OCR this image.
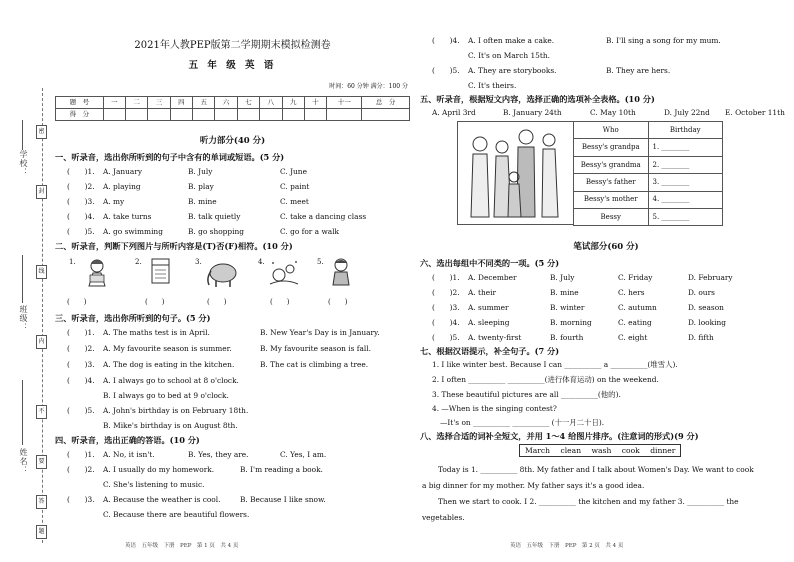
学校：
班级：
姓名：
密
封
线
内
不
要
答
题
2021年人教PEP版第二学期期末模拟检测卷
五 年 级 英 语
时间：60 分钟 满分：100 分
题　号	一	二	三	四	五	六	七	八	九	十	十一	总　分
得　分												
听力部分(40 分)
一、听录音，选出你所听到的句子中含有的单词或短语。(5 分)
(　　)1. A. January	B. July	C. June
(　　)2. A. playing	B. play	C. paint
(　　)3. A. my	B. mine	C. meet
(　　)4. A. take turns	B. talk quietly	C. take a dancing class
(　　)5. A. go swimming	B. go shopping	C. go for a walk
二、听录音，判断下列图片与所听内容是(T)否(F)相符。(10 分)
1.	2.	3.	4.	5.
(　　)	(　　)	(　　)	(　　)	(　　)
三、听录音，选出你所听到的句子。(5 分)
(　　)1. A. The maths test is in April.	B. New Year's Day is in January.
(　　)2. A. My favourite season is summer.	B. My favourite season is fall.
(　　)3. A. The dog is eating in the kitchen.	B. The cat is climbing a tree.
(　　)4. A. I always go to school at 8 o'clock.
B. I always go to bed at 9 o'clock.
(　　)5. A. John's birthday is on February 18th.
B. Mike's birthday is on August 8th.
四、听录音，选出正确的答语。(10 分)
(　　)1. A. No, it isn't.	B. Yes, they are.	C. Yes, I am.
(　　)2. A. I usually do my homework.	B. I'm reading a book.
C. She's listening to music.
(　　)3. A. Because the weather is cool.	B. Because I like snow.
C. Because there are beautiful flowers.
英语　五年级　下册　PEP　第 1 页　共 4 页
(　　)4. A. I often make a cake.	B. I'll sing a song for my mum.
C. It's on March 15th.
(　　)5. A. They are storybooks.	B. They are hers.
C. It's theirs.
五、听录音，根据短文内容，选择正确的选项补全表格。(10 分)
A. April 3rd	B. January 24th	C. May 10th	D. July 22nd E. October 11th
Who	Birthday
Bessy's grandpa	1. ________
Bessy's grandma	2. ________
Bessy's father	3. ________
Bessy's mother	4. ________
Bessy	5. ________
笔试部分(60 分)
六、选出每组中不同类的一项。(5 分)
(　　)1. A. December	B. July	C. Friday	D. February
(　　)2. A. their	B. mine	C. hers	D. ours
(　　)3. A. summer	B. winter	C. autumn	D. season
(　　)4. A. sleeping	B. morning	C. eating	D. looking
(　　)5. A. twenty-first	B. fourth	C. eight	D. fifth
七、根据汉语提示，补全句子。(7 分)
1. I like winter best. Because I can __________ a __________(堆雪人).
2. I often __________ __________(进行体育运动) on the weekend.
3. These beautiful pictures are all __________(他的).
4. —When is the singing contest?
—It's on __________ __________ (十一月二十日).
八、选择合适的词补全短文，并用 1～4 给图片排序。(注意词的形式)(9 分)
March clean wash cook dinner
Today is 1. __________ 8th. My father and I talk about Women's Day. We want to cook
a big dinner for my mother. My father says it's a good idea.
Then we start to cook. I 2. __________ the kitchen and my father 3. __________ the
vegetables.
英语　五年级　下册　PEP　第 2 页　共 4 页
